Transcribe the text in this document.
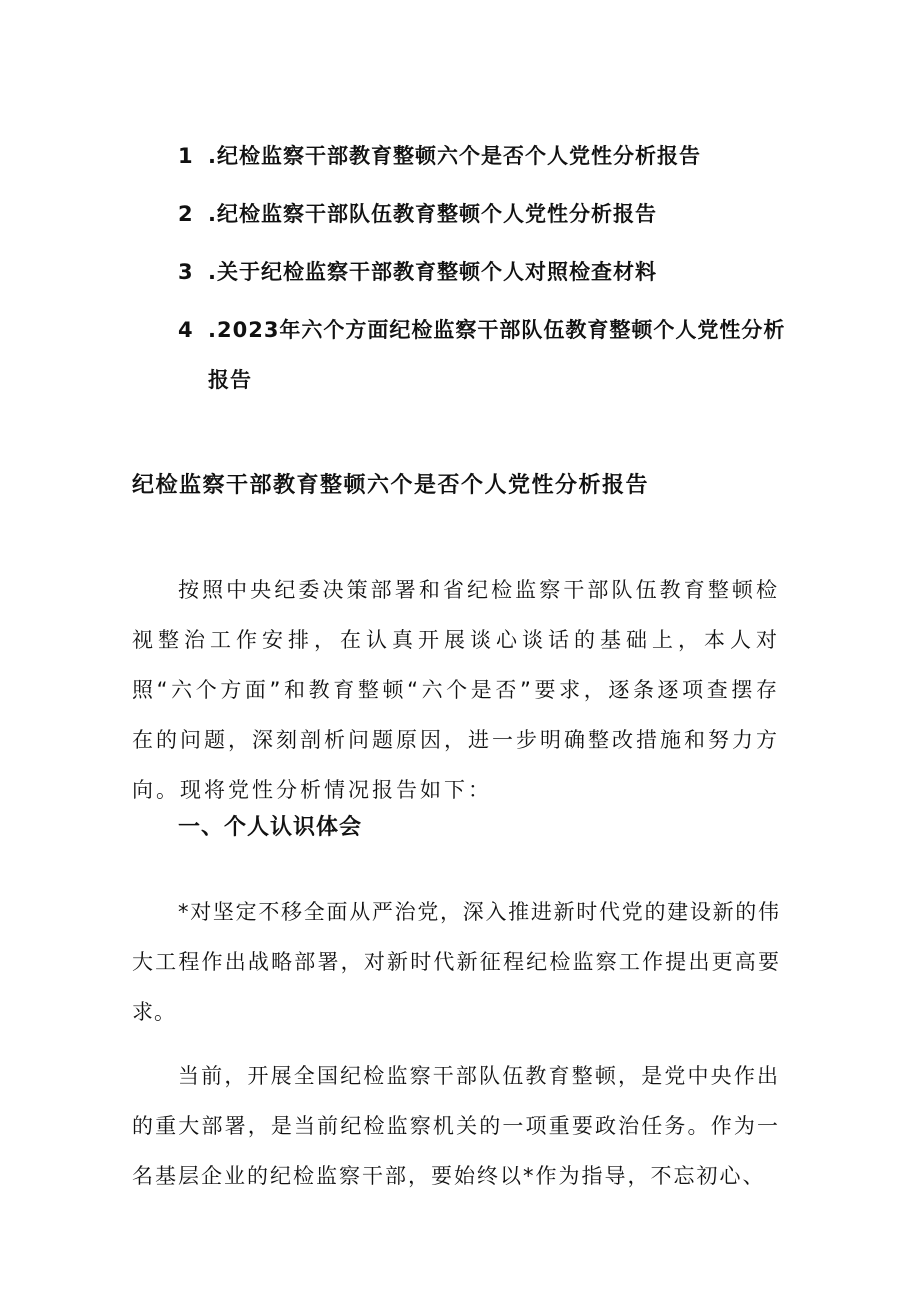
1 .纪检监察干部教育整顿六个是否个人党性分析报告
2 .纪检监察干部队伍教育整顿个人党性分析报告
3 .关于纪检监察干部教育整顿个人对照检查材料
4 .2023年六个方面纪检监察干部队伍教育整顿个人党性分析报告
纪检监察干部教育整顿六个是否个人党性分析报告

按照中央纪委决策部署和省纪检监察干部队伍教育整顿检视整治工作安排，在认真开展谈心谈话的基础上，本人对照“六个方面”和教育整顿“六个是否”要求，逐条逐项查摆存在的问题，深刻剖析问题原因，进一步明确整改措施和努力方向。现将党性分析情况报告如下：

一、个人认识体会

*对坚定不移全面从严治党，深入推进新时代党的建设新的伟大工程作出战略部署，对新时代新征程纪检监察工作提出更高要求。

当前，开展全国纪检监察干部队伍教育整顿，是党中央作出的重大部署，是当前纪检监察机关的一项重要政治任务。作为一名基层企业的纪检监察干部，要始终以*作为指导，不忘初心、
